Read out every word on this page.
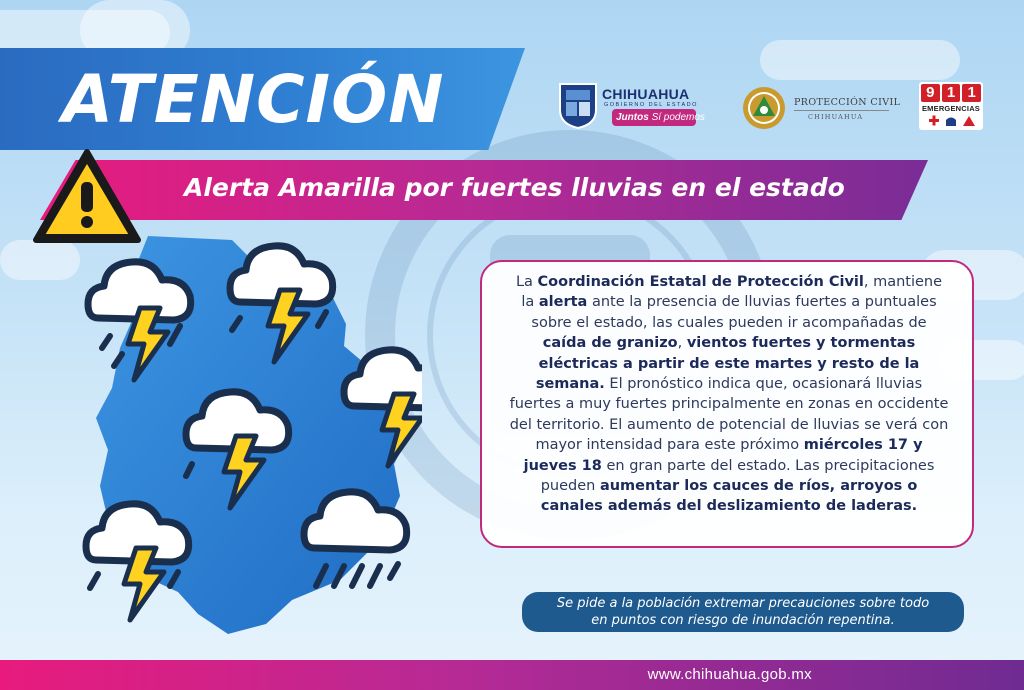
ATENCIÓN
Alerta Amarilla por fuertes lluvias en el estado
CHIHUAHUA
GOBIERNO DEL ESTADO
Juntos Sí podemos
PROTECCIÓN CIVIL
CHIHUAHUA
9 1 1
EMERGENCIAS

La Coordinación Estatal de Protección Civil, mantiene la alerta ante la presencia de lluvias fuertes a puntuales sobre el estado, las cuales pueden ir acompañadas de caída de granizo, vientos fuertes y tormentas eléctricas a partir de este martes y resto de la semana. El pronóstico indica que, ocasionará lluvias fuertes a muy fuertes principalmente en zonas en occidente del territorio. El aumento de potencial de lluvias se verá con mayor intensidad para este próximo miércoles 17 y jueves 18 en gran parte del estado. Las precipitaciones pueden aumentar los cauces de ríos, arroyos o canales además del deslizamiento de laderas.

Se pide a la población extremar precauciones sobre todo
en puntos con riesgo de inundación repentina.
www.chihuahua.gob.mx
